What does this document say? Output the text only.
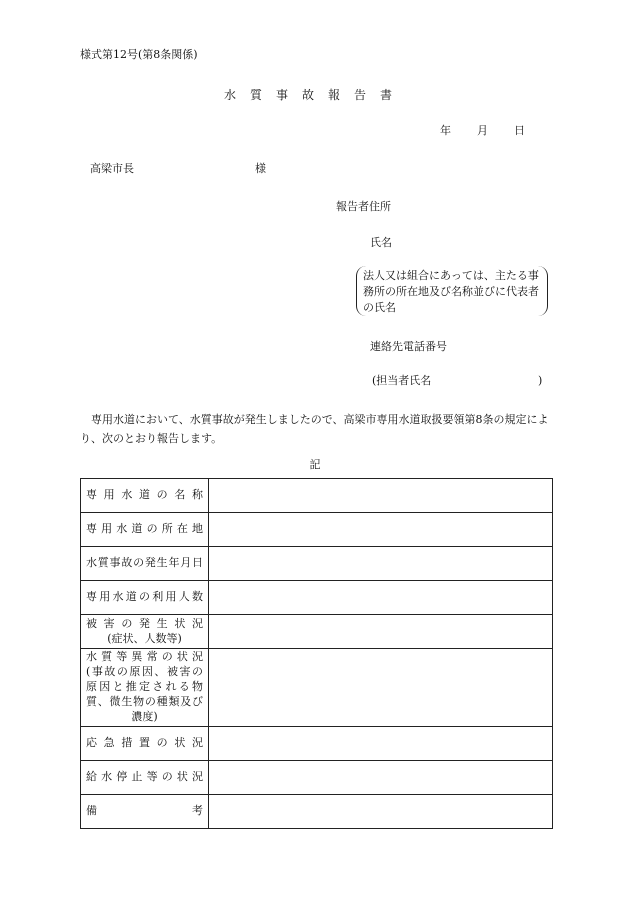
様式第12号(第8条関係)
水質事故報告書
年 月 日
高梁市長	様
報告者住所
氏名
法人又は組合にあっては、主たる事務所の所在地及び名称並びに代表者の氏名
連絡先電話番号
(担当者氏名	)
専用水道において、水質事故が発生しましたので、高梁市専用水道取扱要領第8条の規定により、次のとおり報告します。
記
専用水道の名称	

専用水道の所在地	

水質事故の発生年月日	

専用水道の利用人数	

被害の発生状況
(症状、人数等)	

水質等異常の状況
(事故の原因、被害の
原因と推定される物
質、微生物の種類及び
濃度)	

応急措置の状況	

給水停止等の状況	

備考	
